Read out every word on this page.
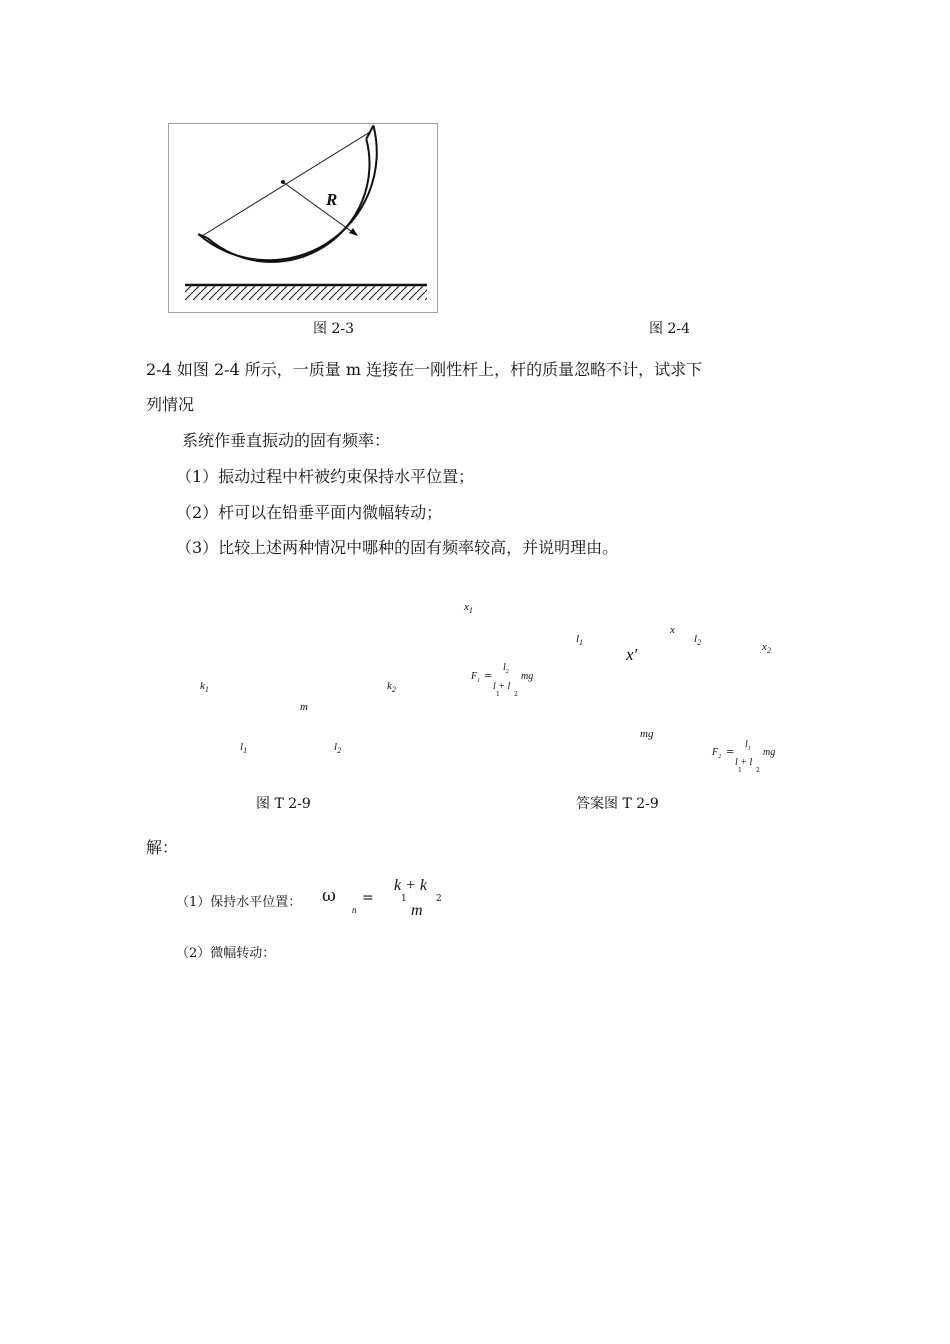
R
图 2-3	图 2-4
2-4 如图 2-4 所示，一质量 m 连接在一刚性杆上，杆的质量忽略不计，试求下
列情况
系统作垂直振动的固有频率：
（1）振动过程中杆被约束保持水平位置；
（2）杆可以在铅垂平面内微幅转动；
（3）比较上述两种情况中哪种的固有频率较高，并说明理由。
$k_1$	$k_2$
m
$l_1$	$l_2$
图 T 2-9
$x_1$
$l_1$
x
x′
$l_2$	$x_2$
$F_1$ =
$l_2$
l + l
1 2
mg
mg
$F_2$ =
$l_1$
l + l
1 2
mg
答案图 T 2-9
解：
（1）保持水平位置： ω
n
=
k + k
1	2
m
（2）微幅转动：
